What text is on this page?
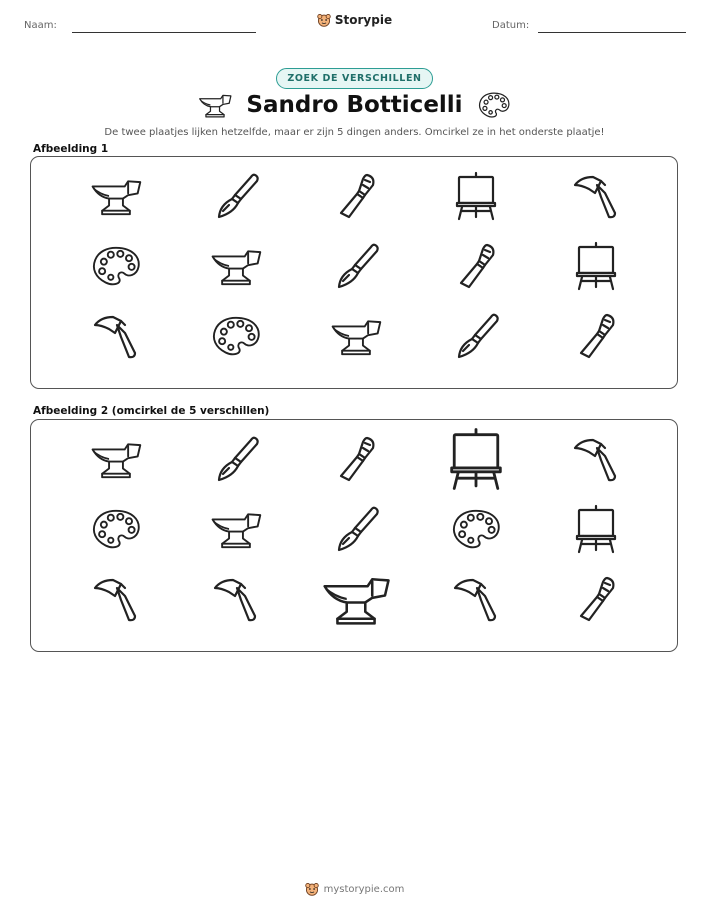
Naam:	Storypie	Datum:
ZOEK DE VERSCHILLEN
Sandro Botticelli
De twee plaatjes lijken hetzelfde, maar er zijn 5 dingen anders. Omcirkel ze in het onderste plaatje!
Afbeelding 1
Afbeelding 2 (omcirkel de 5 verschillen)
mystorypie.com
